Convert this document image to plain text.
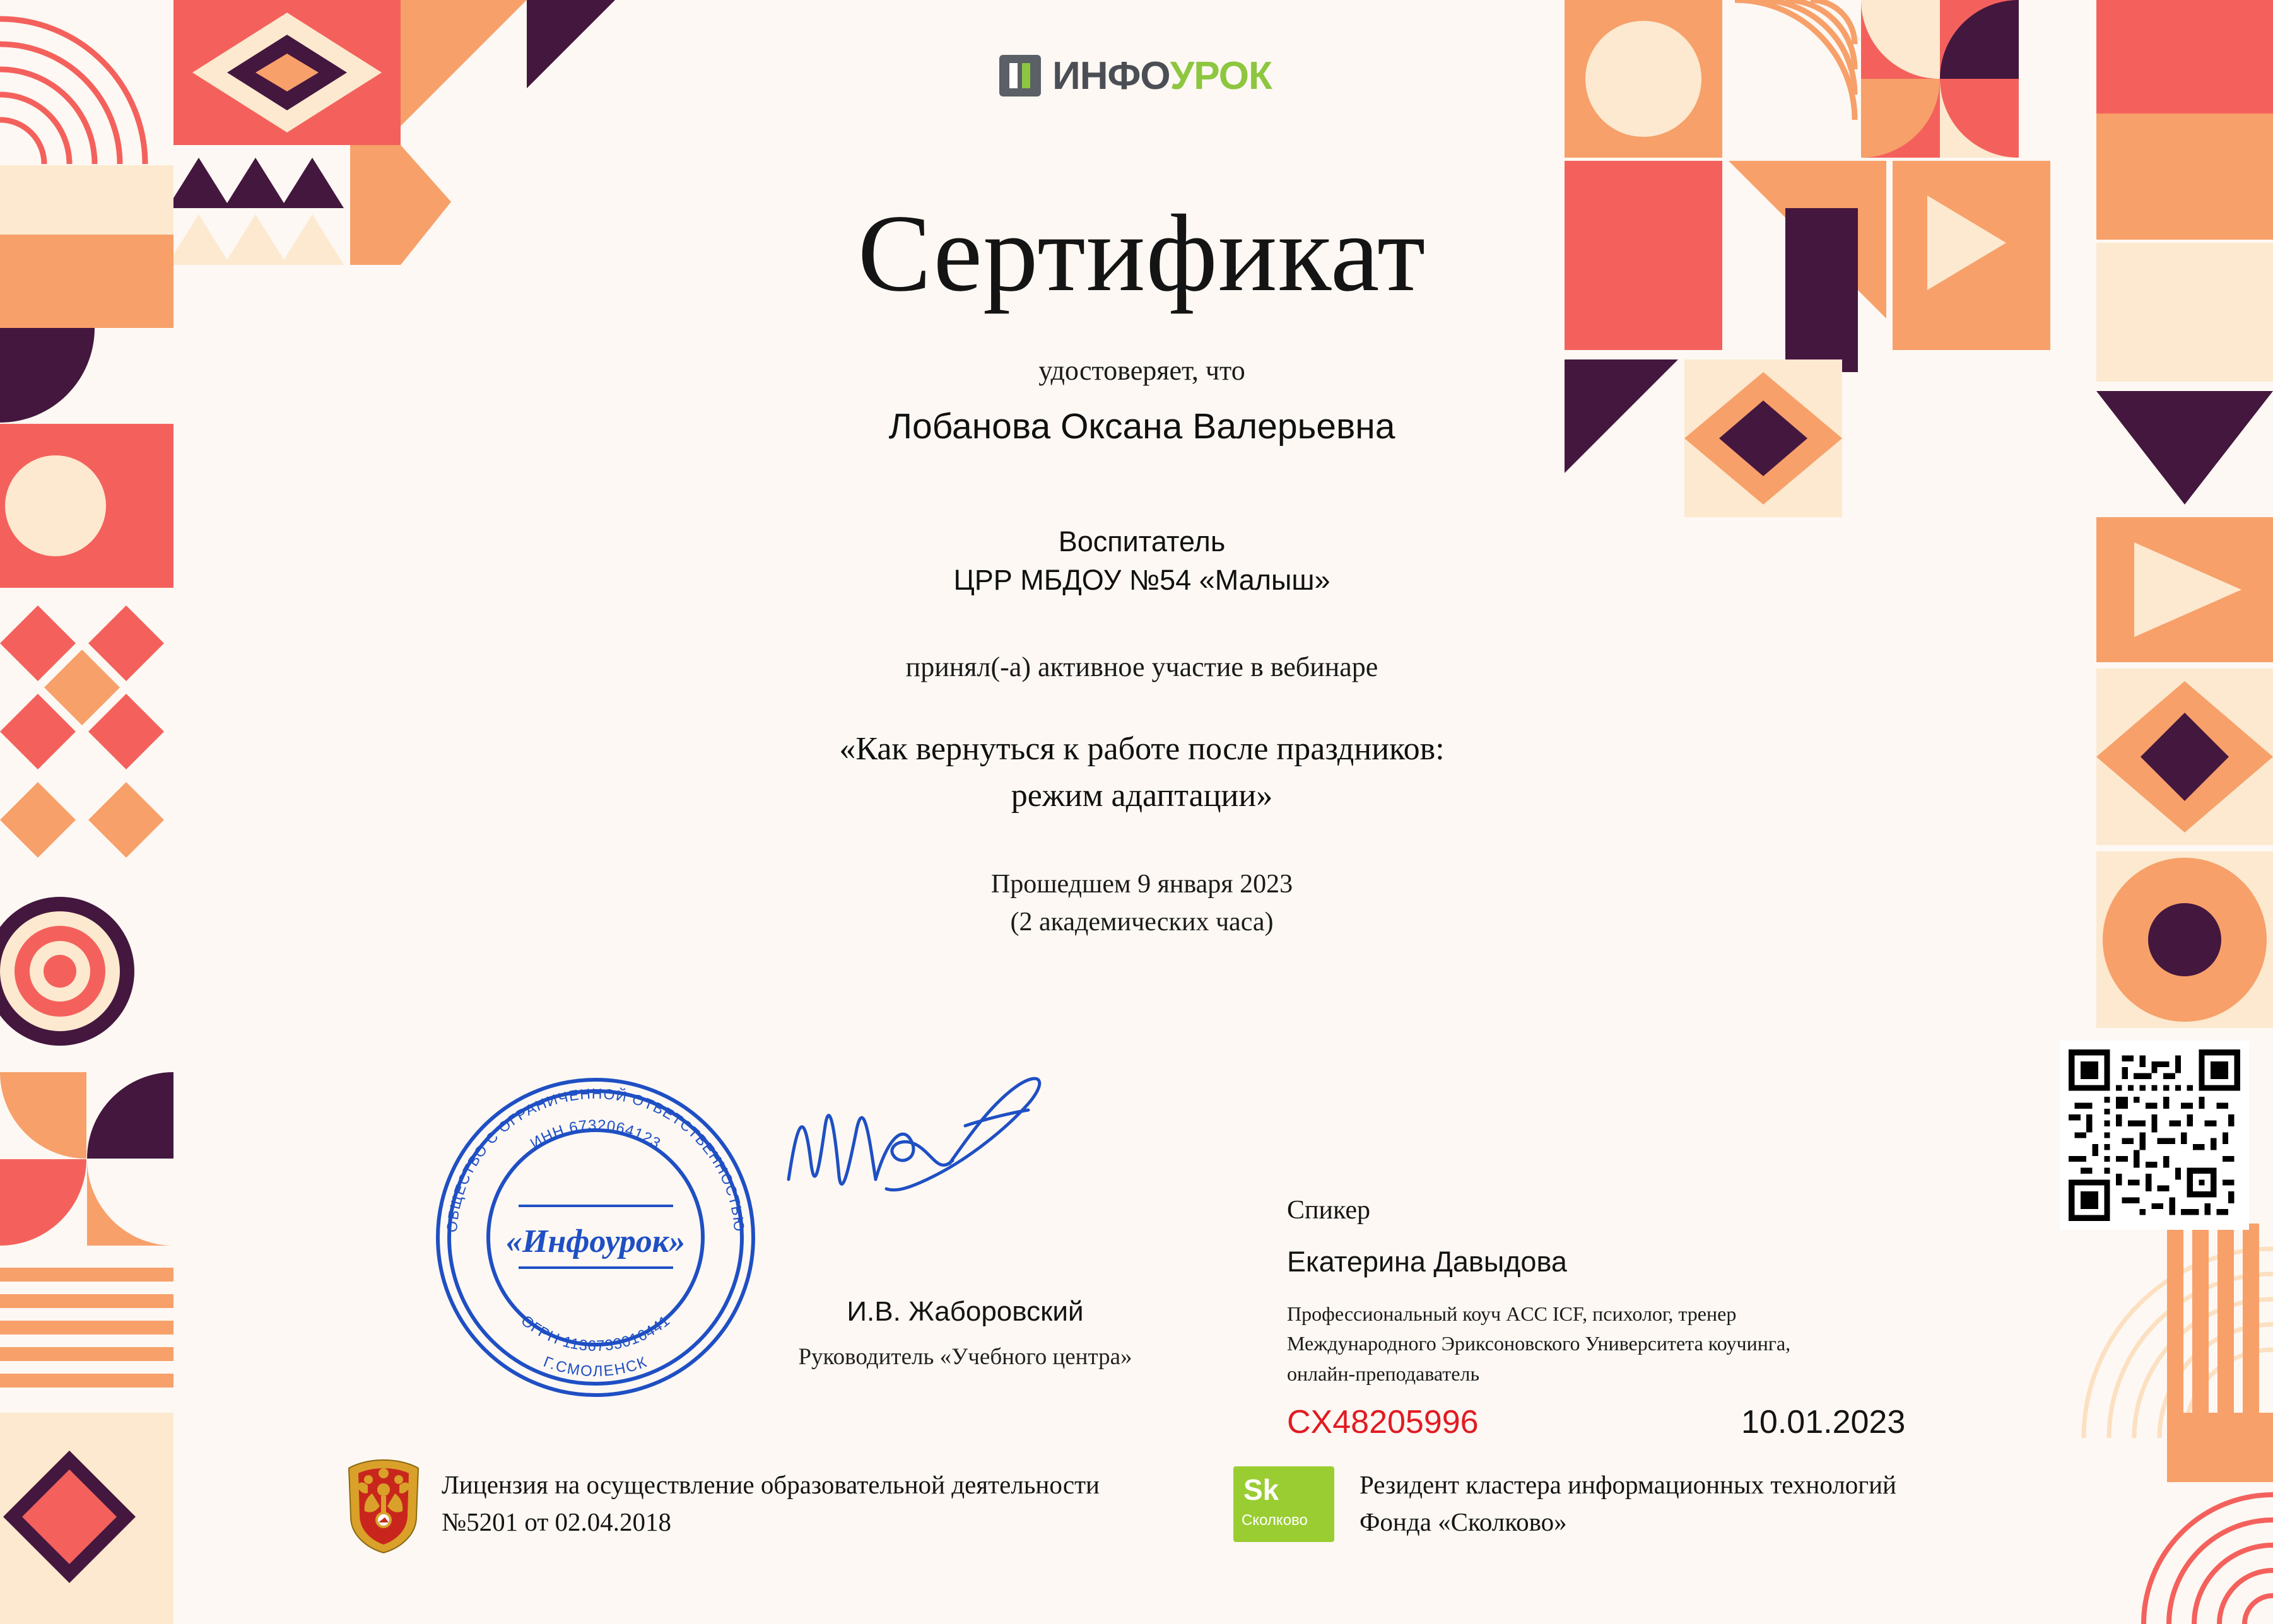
ИНФО УРОК
Сертификат
удостоверяет, что
Лобанова Оксана Валерьевна
Воспитатель
ЦРР МБДОУ №54 «Малыш»
принял(-а) активное участие в вебинаре
«Как вернуться к работе после праздников:
режим адаптации»
Прошедшем 9 января 2023
(2 академических часа)
ОБЩЕСТВО С ОГРАНИЧЕННОЙ ОТВЕТСТВЕННОСТЬЮ
ИНН 6732064123
ОГРН 1136733016441
Г.СМОЛЕНСК
«Инфоурок»
И.В. Жаборовский
Руководитель «Учебного центра»
Спикер
Екатерина Давыдова
Профессиональный коуч ACC ICF, психолог, тренер Международного Эриксоновского Университета коучинга, онлайн-преподаватель
CX48205996	10.01.2023
Лицензия на осуществление образовательной деятельности №5201 от 02.04.2018
Sk
Сколково
Резидент кластера информационных технологий Фонда «Сколково»
